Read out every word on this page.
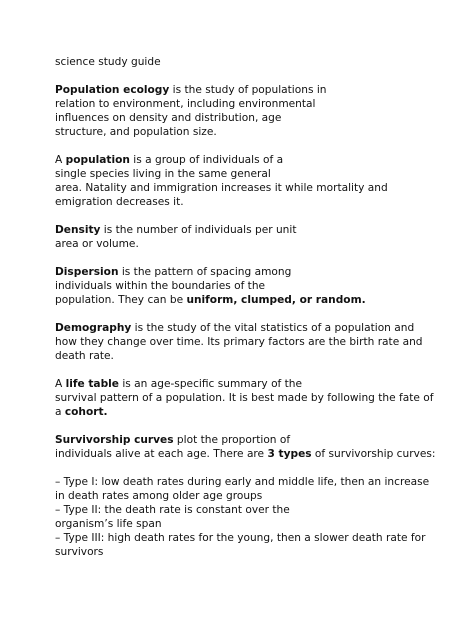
science study guide

Population ecology is the study of populations in
relation to environment, including environmental
influences on density and distribution, age
structure, and population size.

A population is a group of individuals of a
single species living in the same general
area. Natality and immigration increases it while mortality and
emigration decreases it.

Density is the number of individuals per unit
area or volume.

Dispersion is the pattern of spacing among
individuals within the boundaries of the
population. They can be uniform, clumped, or random.

Demography is the study of the vital statistics of a population and
how they change over time. Its primary factors are the birth rate and
death rate.

A life table is an age-specific summary of the
survival pattern of a population. It is best made by following the fate of
a cohort.

Survivorship curves plot the proportion of
individuals alive at each age. There are 3 types of survivorship curves:

– Type I: low death rates during early and middle life, then an increase
in death rates among older age groups
– Type II: the death rate is constant over the
organism’s life span
– Type III: high death rates for the young, then a slower death rate for
survivors
